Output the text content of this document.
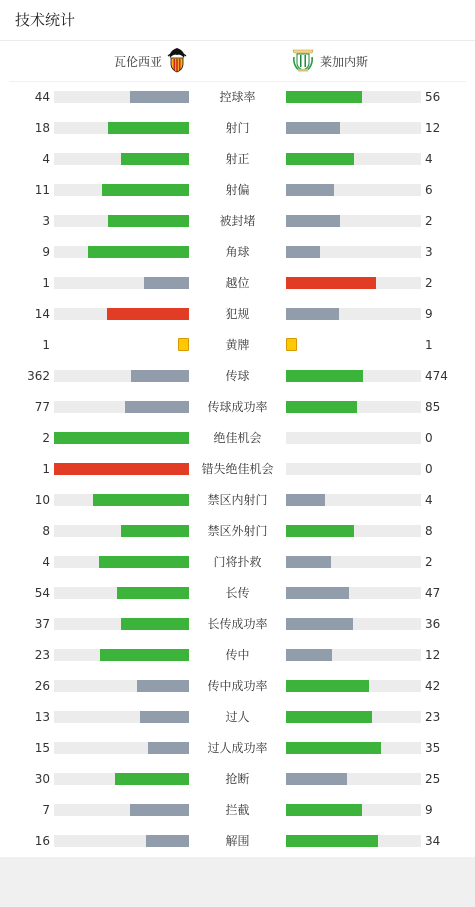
技术统计
瓦伦西亚	莱加内斯
44	控球率	56
18	射门	12
4	射正	4
11	射偏	6
3	被封堵	2
9	角球	3
1	越位	2
14	犯规	9
1	黄牌	1
362	传球	474
77	传球成功率	85
2	绝佳机会	0
1	错失绝佳机会	0
10	禁区内射门	4
8	禁区外射门	8
4	门将扑救	2
54	长传	47
37	长传成功率	36
23	传中	12
26	传中成功率	42
13	过人	23
15	过人成功率	35
30	抢断	25
7	拦截	9
16	解围	34
